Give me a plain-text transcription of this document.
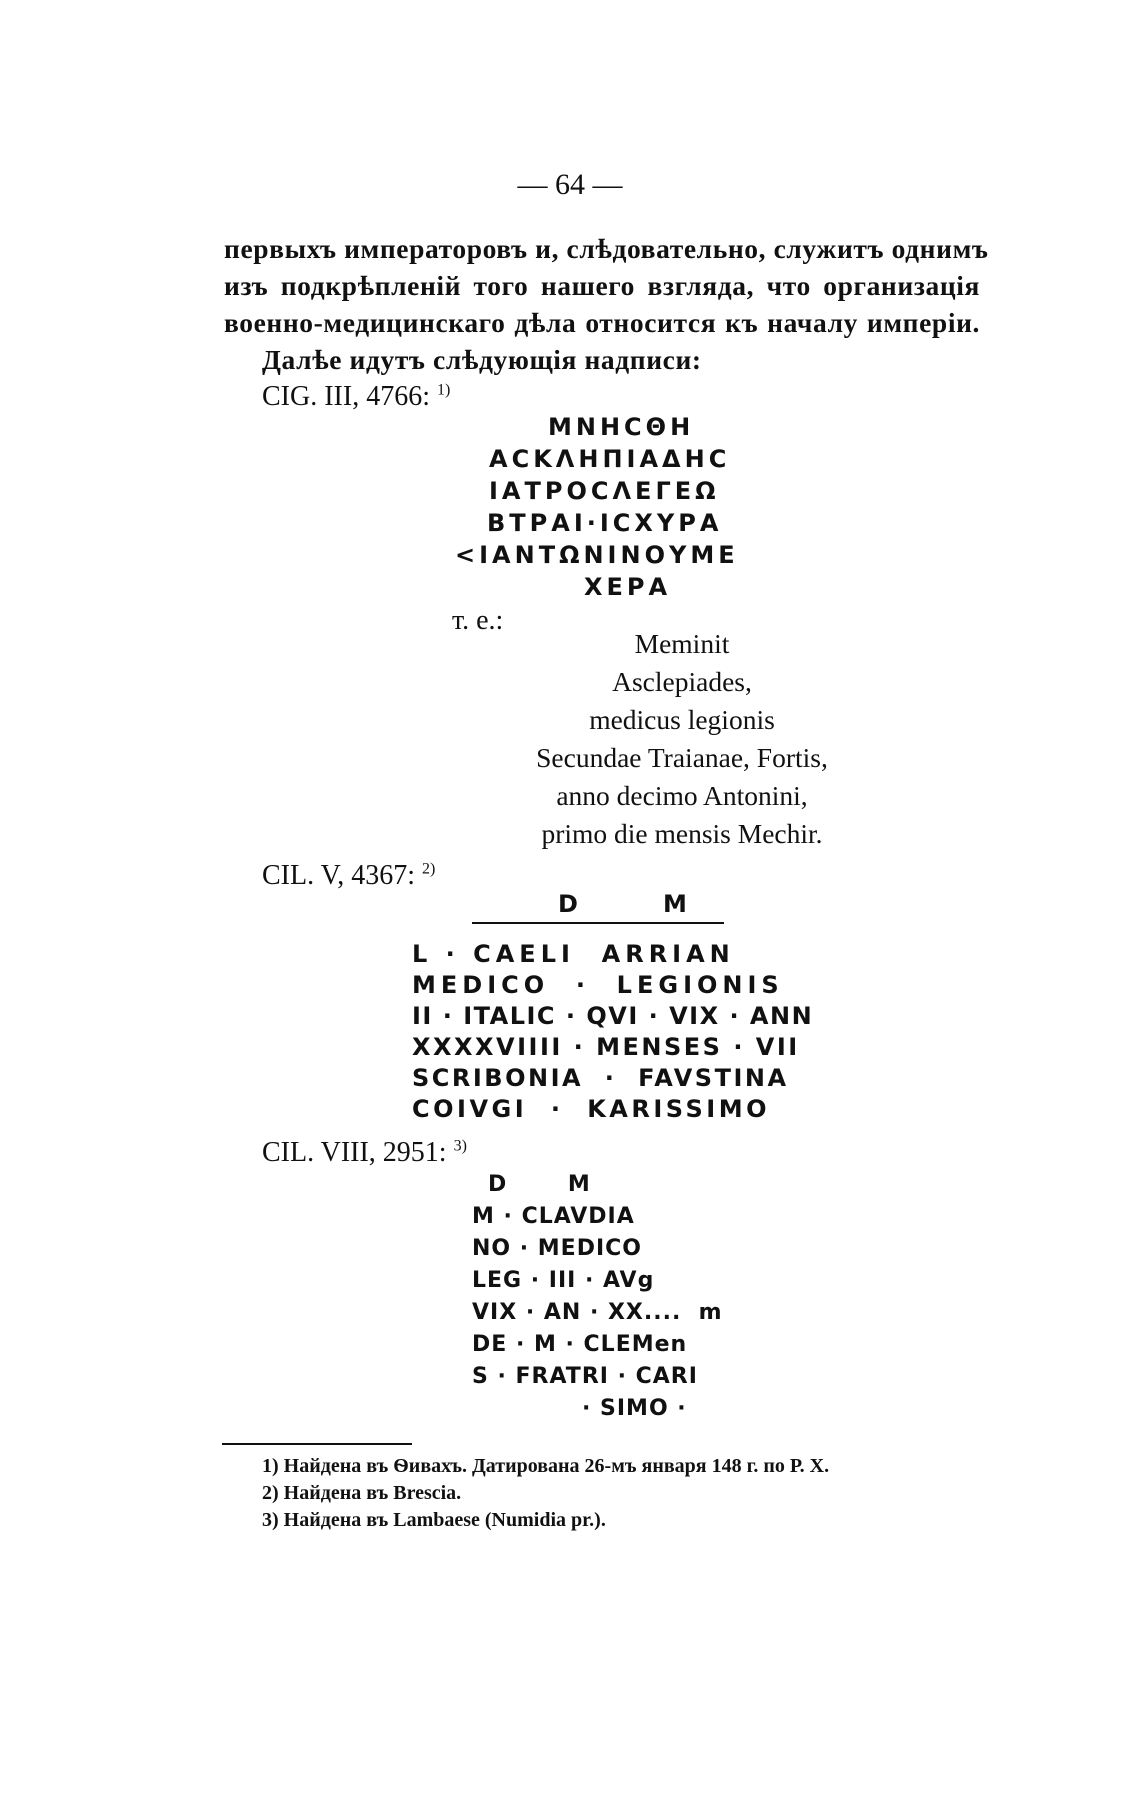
— 64 —
первыхъ императоровъ и, слѣдовательно, служитъ однимъ
изъ подкрѣпленій того нашего взгляда, что организація
военно-медицинскаго дѣла относится къ началу имперіи.
Далѣе идутъ слѣдующія надписи:
CIG. III, 4766: $^{1)}$
ΜΝΗϹΘΗ
ΑϹΚΛΗΠΙΑΔΗϹ
ΙΑΤΡΟϹΛΕΓΕΩ
ΒΤΡΑΙ·ΙϹΧΥΡΑ
<ΙΑΝΤΩΝΙΝΟΥΜΕ
ΧΕΡΑ
т. е.:
Meminit
Asclepiades,
medicus legionis
Secundae Traianae, Fortis,
anno decimo Antonini,
primo die mensis Mechir.
CIL. V, 4367: $^{2)}$
D      M
L · CAELI  ARRIAN
MEDICO  ·  LEGIONIS
II · ITALIC · QVI · VIX · ANN
XXXXVIIII · MENSES · VII
SCRIBONIA  ·  FAVSTINA
COIVGI  ·  KARISSIMO
CIL. VIII, 2951: $^{3)}$
D       M
M · CLAVDIA
NO · MEDICO
LEG · III · AVg
VIX · AN · XX....  m
DE · M · CLEMen
S · FRATRI · CARI
· SIMO ·
1) Найдена въ Ѳивахъ. Датирована 26-мъ января 148 г. по Р. X.
2) Найдена въ Brescia.
3) Найдена въ Lambaese (Numidia pr.).
